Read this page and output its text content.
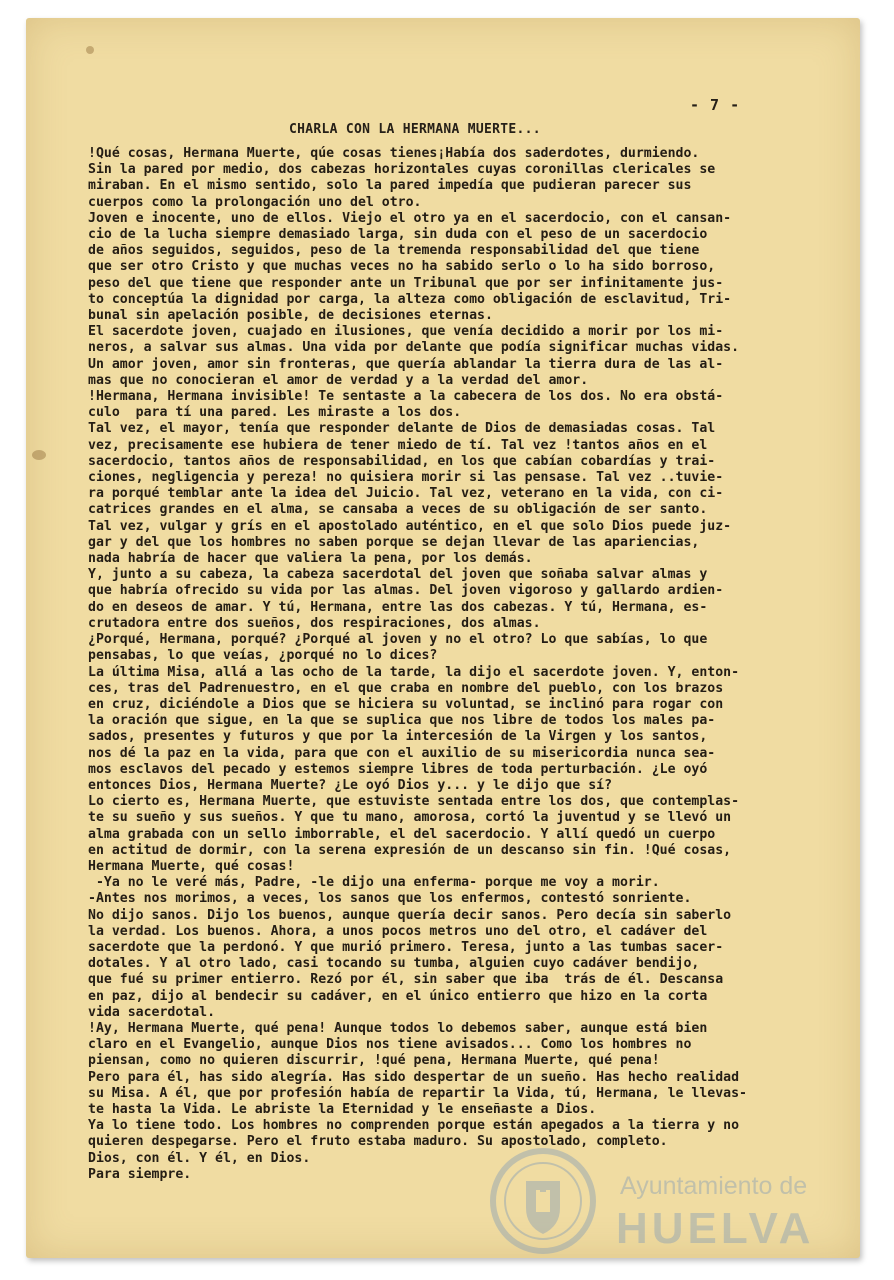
- 7 -
CHARLA CON LA HERMANA MUERTE...

!Qué cosas, Hermana Muerte, qúe cosas tienes¡Había dos saderdotes, durmiendo.

Sin la pared por medio, dos cabezas horizontales cuyas coronillas clericales se

miraban. En el mismo sentido, solo la pared impedía que pudieran parecer sus

cuerpos como la prolongación uno del otro.

Joven e inocente, uno de ellos. Viejo el otro ya en el sacerdocio, con el cansan-

cio de la lucha siempre demasiado larga, sin duda con el peso de un sacerdocio

de años seguidos, seguidos, peso de la tremenda responsabilidad del que tiene

que ser otro Cristo y que muchas veces no ha sabido serlo o lo ha sido borroso,

peso del que tiene que responder ante un Tribunal que por ser infinitamente jus-

to conceptúa la dignidad por carga, la alteza como obligación de esclavitud, Tri-

bunal sin apelación posible, de decisiones eternas.

El sacerdote joven, cuajado en ilusiones, que venía decidido a morir por los mi-

neros, a salvar sus almas. Una vida por delante que podía significar muchas vidas.

Un amor joven, amor sin fronteras, que quería ablandar la tierra dura de las al-

mas que no conocieran el amor de verdad y a la verdad del amor.

!Hermana, Hermana invisible! Te sentaste a la cabecera de los dos. No era obstá-

culo  para tí una pared. Les miraste a los dos.

Tal vez, el mayor, tenía que responder delante de Dios de demasiadas cosas. Tal

vez, precisamente ese hubiera de tener miedo de tí. Tal vez !tantos años en el

sacerdocio, tantos años de responsabilidad, en los que cabían cobardías y trai-

ciones, negligencia y pereza! no quisiera morir si las pensase. Tal vez ..tuvie-

ra porqué temblar ante la idea del Juicio. Tal vez, veterano en la vida, con ci-

catrices grandes en el alma, se cansaba a veces de su obligación de ser santo.

Tal vez, vulgar y grís en el apostolado auténtico, en el que solo Dios puede juz-

gar y del que los hombres no saben porque se dejan llevar de las apariencias,

nada habría de hacer que valiera la pena, por los demás.

Y, junto a su cabeza, la cabeza sacerdotal del joven que soñaba salvar almas y

que habría ofrecido su vida por las almas. Del joven vigoroso y gallardo ardien-

do en deseos de amar. Y tú, Hermana, entre las dos cabezas. Y tú, Hermana, es-

crutadora entre dos sueños, dos respiraciones, dos almas.

¿Porqué, Hermana, porqué? ¿Porqué al joven y no el otro? Lo que sabías, lo que

pensabas, lo que veías, ¿porqué no lo dices?

La última Misa, allá a las ocho de la tarde, la dijo el sacerdote joven. Y, enton-

ces, tras del Padrenuestro, en el que craba en nombre del pueblo, con los brazos

en cruz, diciéndole a Dios que se hiciera su voluntad, se inclinó para rogar con

la oración que sigue, en la que se suplica que nos libre de todos los males pa-

sados, presentes y futuros y que por la intercesión de la Virgen y los santos,

nos dé la paz en la vida, para que con el auxilio de su misericordia nunca sea-

mos esclavos del pecado y estemos siempre libres de toda perturbación. ¿Le oyó

entonces Dios, Hermana Muerte? ¿Le oyó Dios y... y le dijo que sí?

Lo cierto es, Hermana Muerte, que estuviste sentada entre los dos, que contemplas-

te su sueño y sus sueños. Y que tu mano, amorosa, cortó la juventud y se llevó un

alma grabada con un sello imborrable, el del sacerdocio. Y allí quedó un cuerpo

en actitud de dormir, con la serena expresión de un descanso sin fin. !Qué cosas,

Hermana Muerte, qué cosas!

-Ya no le veré más, Padre, -le dijo una enferma- porque me voy a morir.

-Antes nos morimos, a veces, los sanos que los enfermos, contestó sonriente.

No dijo sanos. Dijo los buenos, aunque quería decir sanos. Pero decía sin saberlo

la verdad. Los buenos. Ahora, a unos pocos metros uno del otro, el cadáver del

sacerdote que la perdonó. Y que murió primero. Teresa, junto a las tumbas sacer-

dotales. Y al otro lado, casi tocando su tumba, alguien cuyo cadáver bendijo,

que fué su primer entierro. Rezó por él, sin saber que iba  trás de él. Descansa

en paz, dijo al bendecir su cadáver, en el único entierro que hizo en la corta

vida sacerdotal.

!Ay, Hermana Muerte, qué pena! Aunque todos lo debemos saber, aunque está bien

claro en el Evangelio, aunque Dios nos tiene avisados... Como los hombres no

piensan, como no quieren discurrir, !qué pena, Hermana Muerte, qué pena!

Pero para él, has sido alegría. Has sido despertar de un sueño. Has hecho realidad

su Misa. A él, que por profesión había de repartir la Vida, tú, Hermana, le llevas-

te hasta la Vida. Le abriste la Eternidad y le enseñaste a Dios.

Ya lo tiene todo. Los hombres no comprenden porque están apegados a la tierra y no

quieren despegarse. Pero el fruto estaba maduro. Su apostolado, completo.

Dios, con él. Y él, en Dios.

Para siempre.	Ayuntamiento de
HUELVA
